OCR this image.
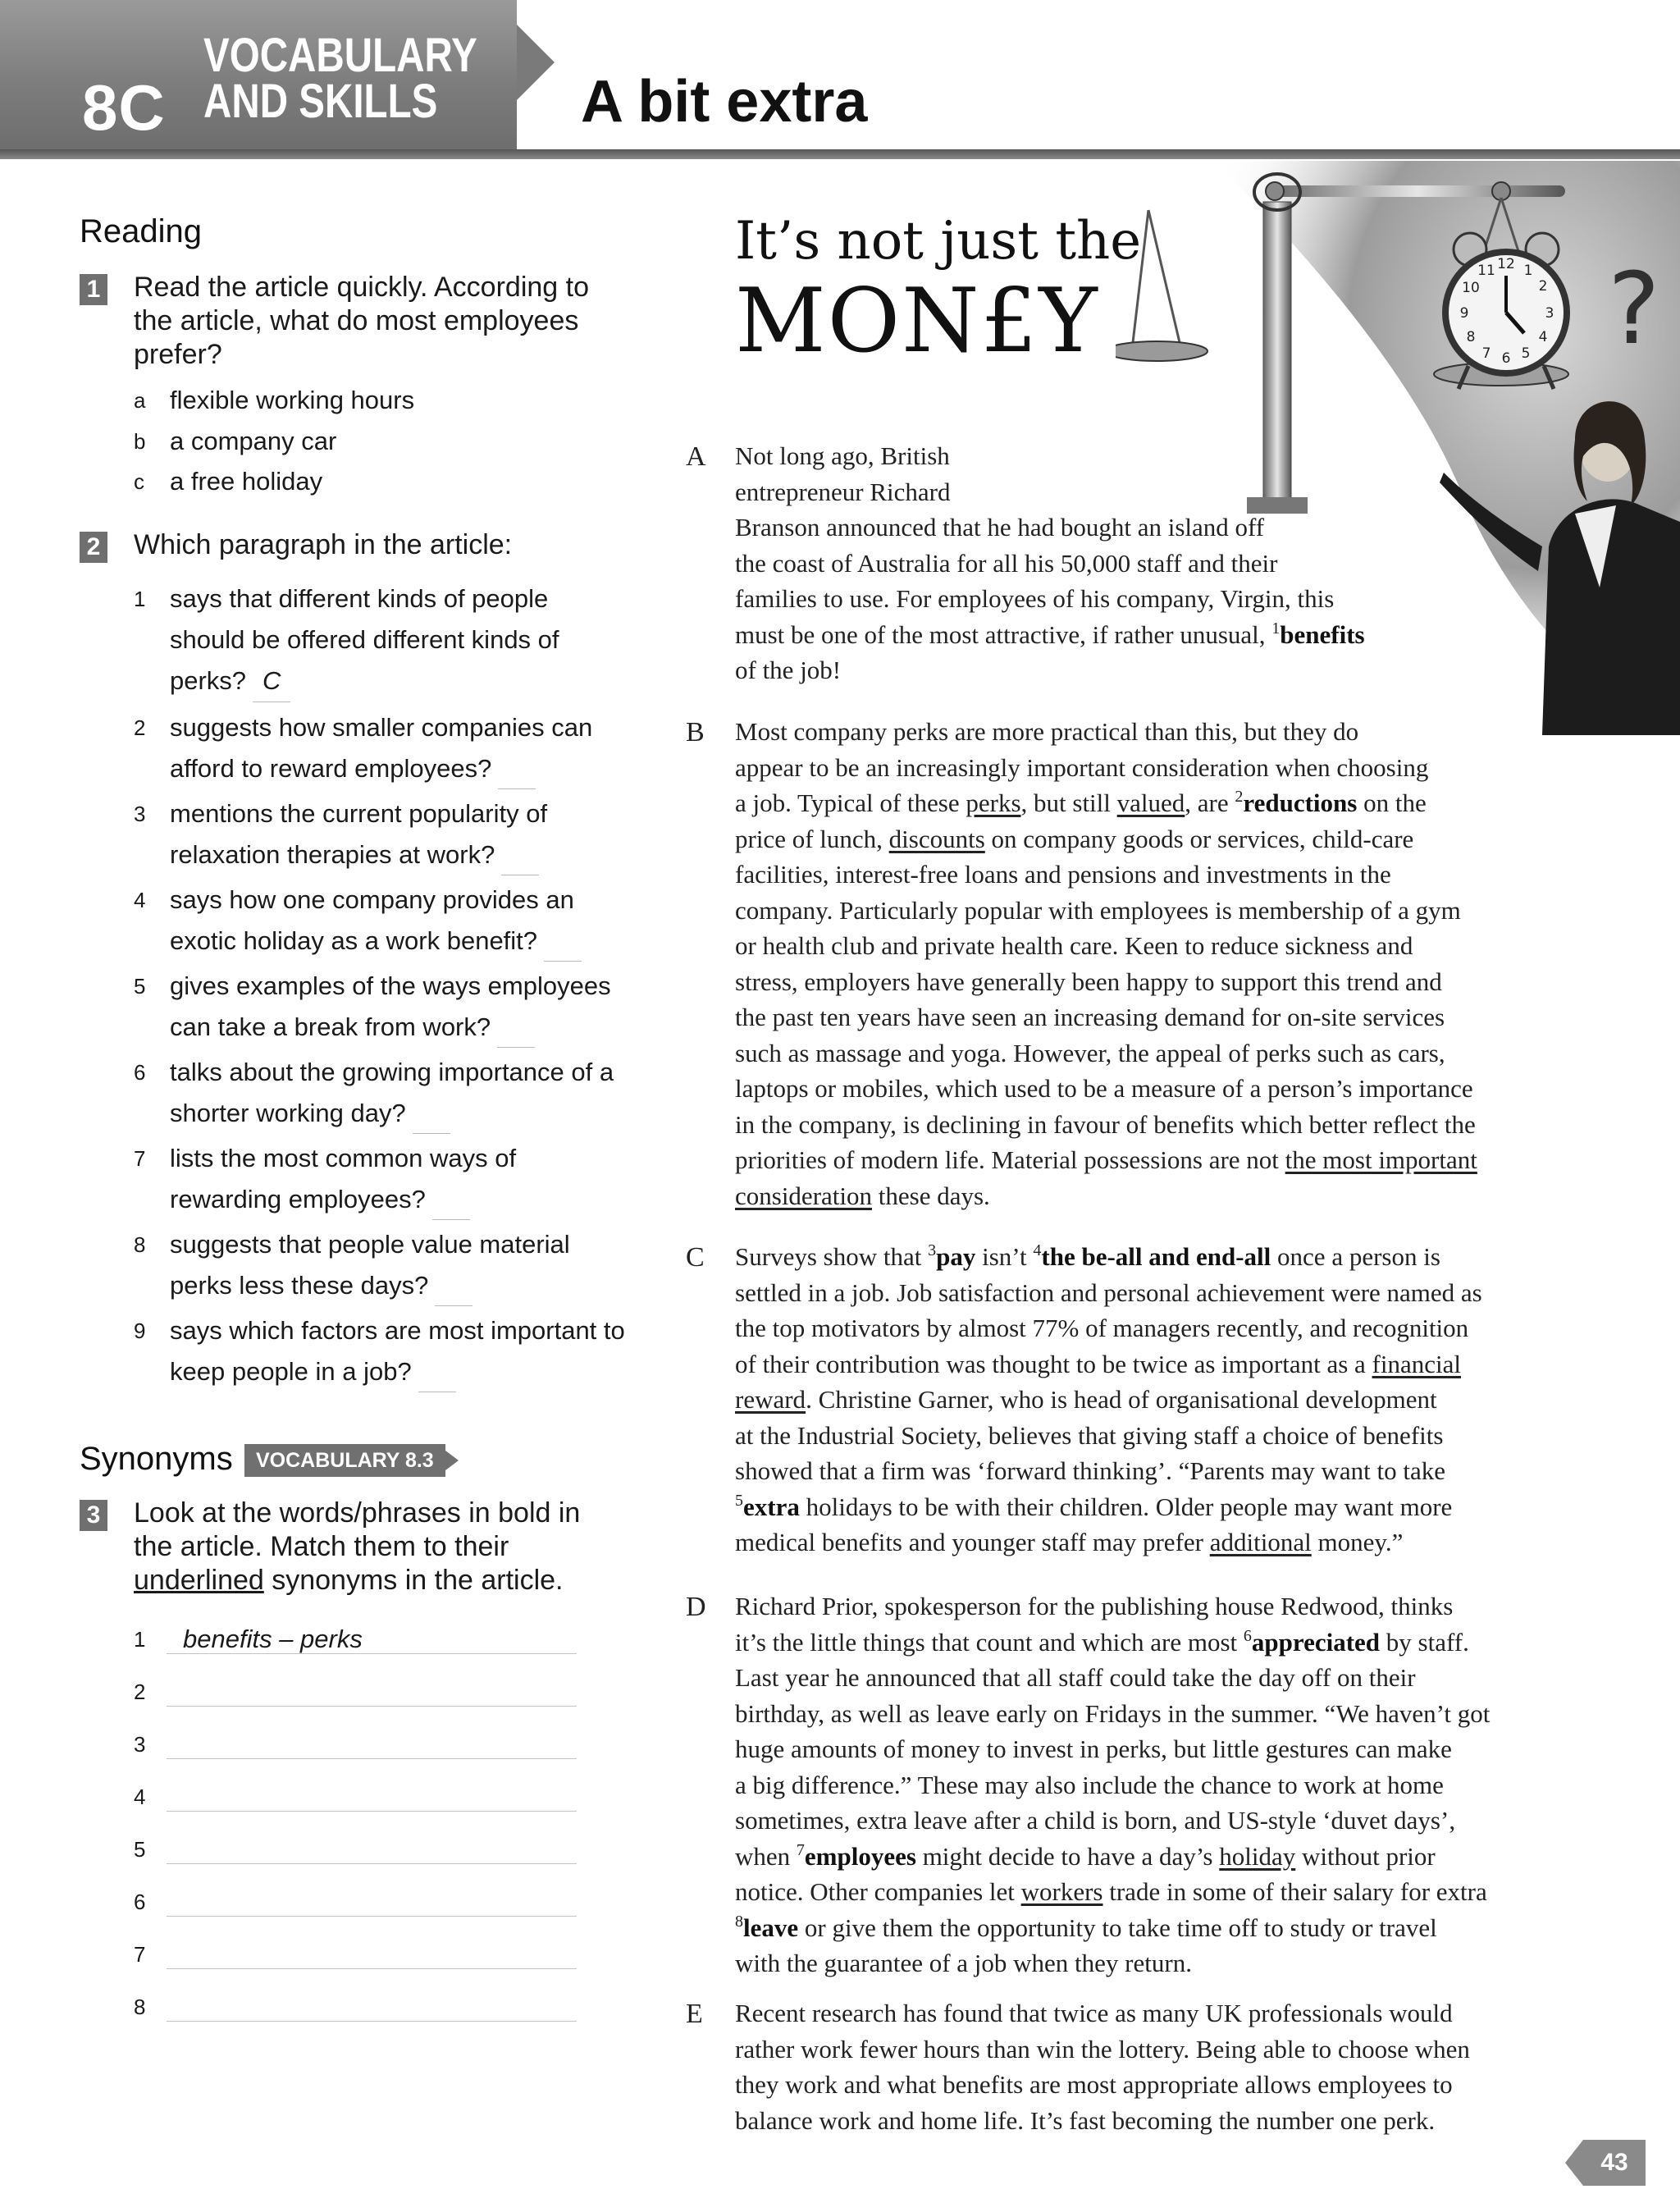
8C
VOCABULARY AND SKILLS A bit extra
Reading
1 Read the article quickly. According to the article, what do most employees prefer?
a flexible working hours
b a company car
c	a free holiday
2 Which paragraph in the article:
1 says that different kinds of people should be offered different kinds of perks? C
2 suggests how smaller companies can afford to reward employees?
3 mentions the current popularity of relaxation therapies at work?
4 says how one company provides an exotic holiday as a work benefit?
5 gives examples of the ways employees can take a break from work?
6 talks about the growing importance of a shorter working day?
7 lists the most common ways of rewarding employees?
8 suggests that people value material perks less these days?
9 says which factors are most important to keep people in a job?
Synonyms	VOCABULARY 8.3
3 Look at the words/phrases in bold in the article. Match them to their underlined synonyms in the article.
1 benefits – perks
2
3
4
5
6
7
8
12 1
2
3
4
5
6
7
8
9
10
11 ?
It’s not just the
MON£Y
A Not long ago, British
entrepreneur Richard
Branson announced that he had bought an island off
the coast of Australia for all his 50,000 staff and their
families to use. For employees of his company, Virgin, this
must be one of the most attractive, if rather unusual, $^1$benefits
of the job!
B Most company perks are more practical than this, but they do
appear to be an increasingly important consideration when choosing
a job. Typical of these perks, but still valued, are $^2$reductions on the
price of lunch, discounts on company goods or services, child-care
facilities, interest-free loans and pensions and investments in the
company. Particularly popular with employees is membership of a gym
or health club and private health care. Keen to reduce sickness and
stress, employers have generally been happy to support this trend and
the past ten years have seen an increasing demand for on-site services
such as massage and yoga. However, the appeal of perks such as cars,
laptops or mobiles, which used to be a measure of a person’s importance
in the company, is declining in favour of benefits which better reflect the
priorities of modern life. Material possessions are not the most important
consideration these days.
C Surveys show that $^3$pay isn’t $^4$the be-all and end-all once a person is
settled in a job. Job satisfaction and personal achievement were named as
the top motivators by almost 77% of managers recently, and recognition
of their contribution was thought to be twice as important as a financial
reward. Christine Garner, who is head of organisational development
at the Industrial Society, believes that giving staff a choice of benefits
showed that a firm was ‘forward thinking’. “Parents may want to take
$^5$extra holidays to be with their children. Older people may want more
medical benefits and younger staff may prefer additional money.”
D Richard Prior, spokesperson for the publishing house Redwood, thinks
it’s the little things that count and which are most $^6$appreciated by staff.
Last year he announced that all staff could take the day off on their
birthday, as well as leave early on Fridays in the summer. “We haven’t got
huge amounts of money to invest in perks, but little gestures can make
a big difference.” These may also include the chance to work at home
sometimes, extra leave after a child is born, and US-style ‘duvet days’,
when $^7$employees might decide to have a day’s holiday without prior
notice. Other companies let workers trade in some of their salary for extra
$^8$leave or give them the opportunity to take time off to study or travel
with the guarantee of a job when they return.
E Recent research has found that twice as many UK professionals would
rather work fewer hours than win the lottery. Being able to choose when
they work and what benefits are most appropriate allows employees to
balance work and home life. It’s fast becoming the number one perk.
43
